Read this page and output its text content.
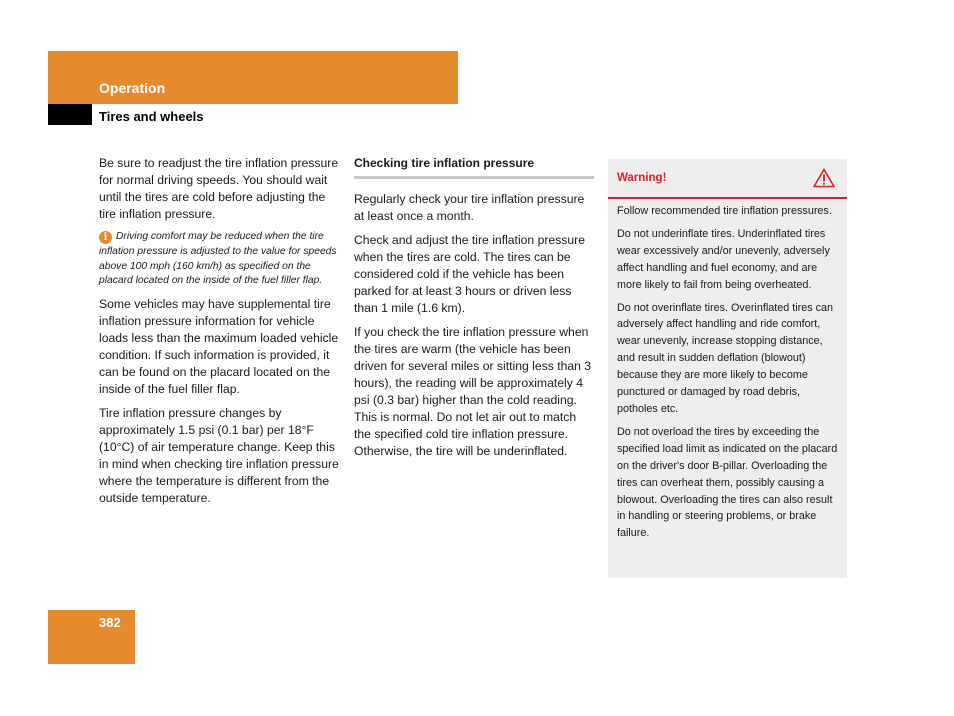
Operation
Tires and wheels

Be sure to readjust the tire inflation pressure for normal driving speeds. You should wait until the tires are cold before adjusting the tire inflation pressure.

i Driving comfort may be reduced when the tire inflation pressure is adjusted to the value for speeds above 100 mph (160 km/h) as specified on the placard located on the inside of the fuel filler flap.

Some vehicles may have supplemental tire inflation pressure information for vehicle loads less than the maximum loaded vehicle condition. If such information is provided, it can be found on the placard located on the inside of the fuel filler flap.

Tire inflation pressure changes by approximately 1.5 psi (0.1 bar) per 18°F (10°C) of air temperature change. Keep this in mind when checking tire inflation pressure where the temperature is different from the outside temperature.

Checking tire inflation pressure

Regularly check your tire inflation pressure at least once a month.

Check and adjust the tire inflation pressure when the tires are cold. The tires can be considered cold if the vehicle has been parked for at least 3 hours or driven less than 1 mile (1.6 km).

If you check the tire inflation pressure when the tires are warm (the vehicle has been driven for several miles or sitting less than 3 hours), the reading will be approximately 4 psi (0.3 bar) higher than the cold reading. This is normal. Do not let air out to match the specified cold tire inflation pressure. Otherwise, the tire will be underinflated.

Warning!

Follow recommended tire inflation pressures.

Do not underinflate tires. Underinflated tires wear excessively and/or unevenly, adversely affect handling and fuel economy, and are more likely to fail from being overheated.

Do not overinflate tires. Overinflated tires can adversely affect handling and ride comfort, wear unevenly, increase stopping distance, and result in sudden deflation (blowout) because they are more likely to become punctured or damaged by road debris, potholes etc.

Do not overload the tires by exceeding the specified load limit as indicated on the placard on the driver's door B-pillar. Overloading the tires can overheat them, possibly causing a blowout. Overloading the tires can also result in handling or steering problems, or brake failure.

382
